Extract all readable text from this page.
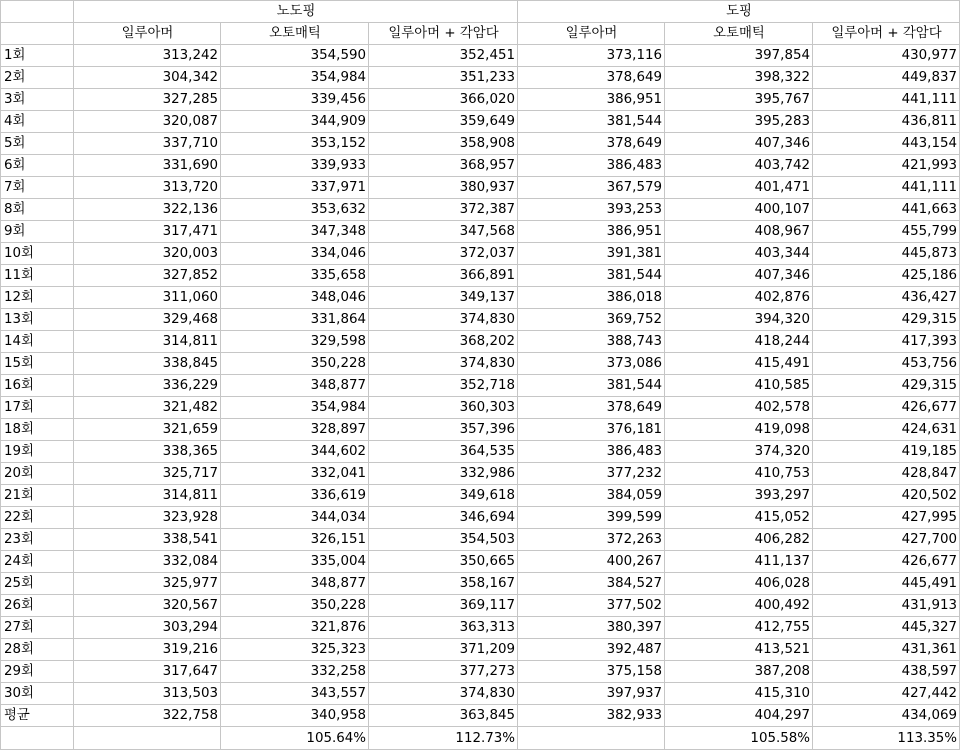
	노도핑			도핑		
	일루아머	오토매틱	일루아머 + 각암다	일루아머	오토매틱	일루아머 + 각암다
1회	313,242	354,590	352,451	373,116	397,854	430,977
2회	304,342	354,984	351,233	378,649	398,322	449,837
3회	327,285	339,456	366,020	386,951	395,767	441,111
4회	320,087	344,909	359,649	381,544	395,283	436,811
5회	337,710	353,152	358,908	378,649	407,346	443,154
6회	331,690	339,933	368,957	386,483	403,742	421,993
7회	313,720	337,971	380,937	367,579	401,471	441,111
8회	322,136	353,632	372,387	393,253	400,107	441,663
9회	317,471	347,348	347,568	386,951	408,967	455,799
10회	320,003	334,046	372,037	391,381	403,344	445,873
11회	327,852	335,658	366,891	381,544	407,346	425,186
12회	311,060	348,046	349,137	386,018	402,876	436,427
13회	329,468	331,864	374,830	369,752	394,320	429,315
14회	314,811	329,598	368,202	388,743	418,244	417,393
15회	338,845	350,228	374,830	373,086	415,491	453,756
16회	336,229	348,877	352,718	381,544	410,585	429,315
17회	321,482	354,984	360,303	378,649	402,578	426,677
18회	321,659	328,897	357,396	376,181	419,098	424,631
19회	338,365	344,602	364,535	386,483	374,320	419,185
20회	325,717	332,041	332,986	377,232	410,753	428,847
21회	314,811	336,619	349,618	384,059	393,297	420,502
22회	323,928	344,034	346,694	399,599	415,052	427,995
23회	338,541	326,151	354,503	372,263	406,282	427,700
24회	332,084	335,004	350,665	400,267	411,137	426,677
25회	325,977	348,877	358,167	384,527	406,028	445,491
26회	320,567	350,228	369,117	377,502	400,492	431,913
27회	303,294	321,876	363,313	380,397	412,755	445,327
28회	319,216	325,323	371,209	392,487	413,521	431,361
29회	317,647	332,258	377,273	375,158	387,208	438,597
30회	313,503	343,557	374,830	397,937	415,310	427,442
평균	322,758	340,958	363,845	382,933	404,297	434,069
		105.64%	112.73%		105.58%	113.35%
